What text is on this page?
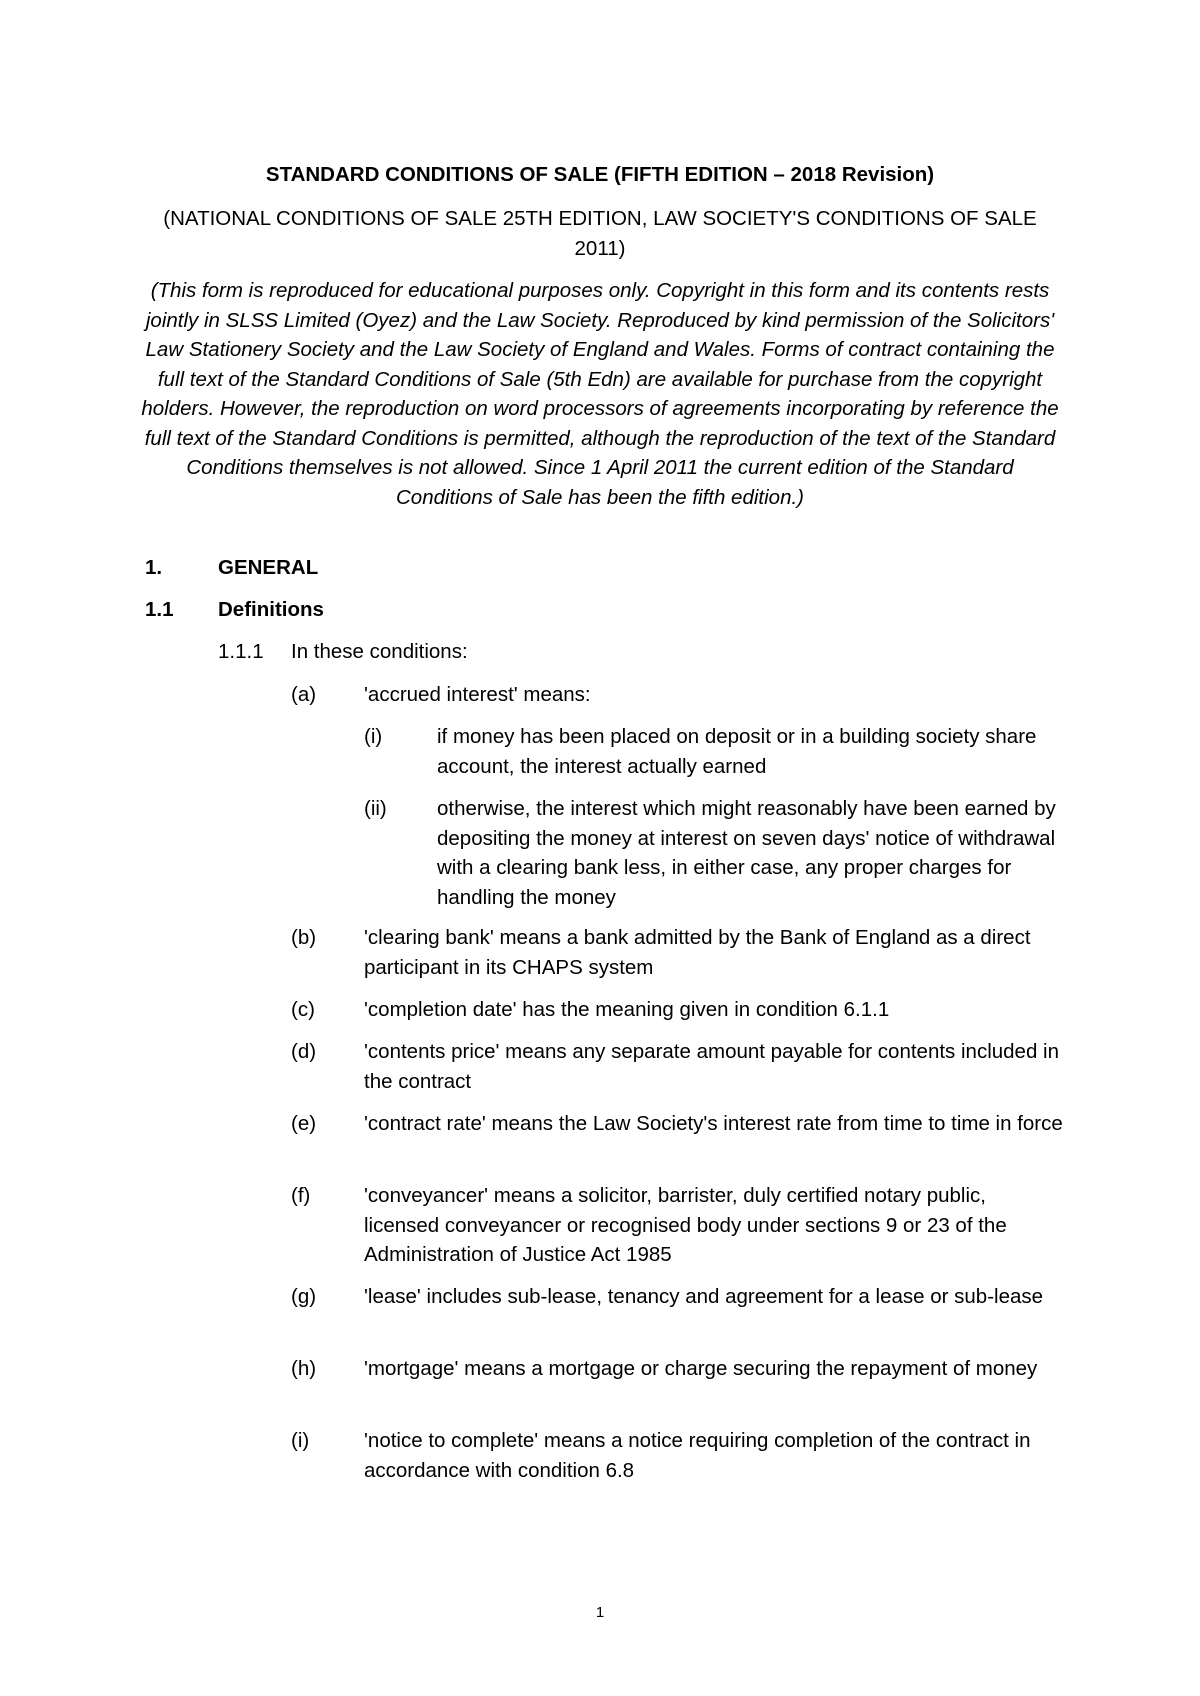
STANDARD CONDITIONS OF SALE (FIFTH EDITION – 2018 Revision)
(NATIONAL CONDITIONS OF SALE 25TH EDITION, LAW SOCIETY'S CONDITIONS OF SALE 2011)
(This form is reproduced for educational purposes only. Copyright in this form and its contents rests jointly in SLSS Limited (Oyez) and the Law Society. Reproduced by kind permission of the Solicitors' Law Stationery Society and the Law Society of England and Wales. Forms of contract containing the full text of the Standard Conditions of Sale (5th Edn) are available for purchase from the copyright holders. However, the reproduction on word processors of agreements incorporating by reference the full text of the Standard Conditions is permitted, although the reproduction of the text of the Standard Conditions themselves is not allowed. Since 1 April 2011 the current edition of the Standard Conditions of Sale has been the fifth edition.)
1.	GENERAL
1.1 Definitions
1.1.1 In these conditions:
(a) 'accrued interest' means:
(i)	if money has been placed on deposit or in a building society share account, the interest actually earned
(ii) otherwise, the interest which might reasonably have been earned by depositing the money at interest on seven days' notice of withdrawal with a clearing bank less, in either case, any proper charges for handling the money
(b) 'clearing bank' means a bank admitted by the Bank of England as a direct participant in its CHAPS system
(c) 'completion date' has the meaning given in condition 6.1.1
(d) 'contents price' means any separate amount payable for contents included in the contract
(e) 'contract rate' means the Law Society's interest rate from time to time in force
(f)	'conveyancer' means a solicitor, barrister, duly certified notary public, licensed conveyancer or recognised body under sections 9 or 23 of the Administration of Justice Act 1985
(g) 'lease' includes sub-lease, tenancy and agreement for a lease or sub-lease
(h) 'mortgage' means a mortgage or charge securing the repayment of money
(i)	'notice to complete' means a notice requiring completion of the contract in accordance with condition 6.8
1
